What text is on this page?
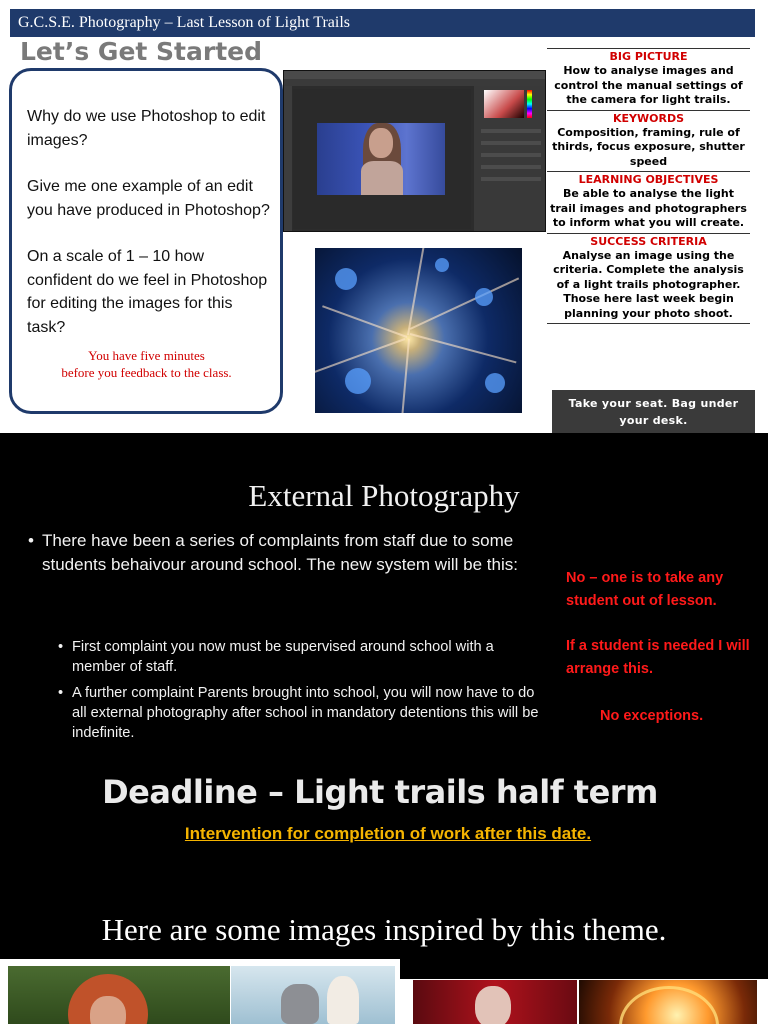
G.C.S.E. Photography – Last Lesson of Light Trails
Let’s Get Started

Why do we use Photoshop to edit images?

Give me one example of an edit you have produced in Photoshop?

On a scale of 1 – 10 how confident do we feel in Photoshop for editing the images for this task?

You have five minutes
before you feedback to the class.
BIG PICTURE
How to analyse images and control the manual settings of the camera for light trails.
KEYWORDS
Composition, framing, rule of thirds, focus exposure, shutter speed
LEARNING OBJECTIVES
Be able to analyse the light trail images and photographers to inform what you will create.
SUCCESS CRITERIA
Analyse an image using the criteria. Complete the analysis of a light trails photographer. Those here last week begin planning your photo shoot.
Take your seat. Bag under your desk.
External Photography
• There have been a series of complaints from staff due to some students behaivour around school. The new system will be this:
• First complaint you now must be supervised around school with a member of staff.
• A further complaint Parents brought into school, you will now have to do all external photography after school in mandatory detentions this will be indefinite.
No – one is to take any student out of lesson.
If a student is needed I will arrange this.
No exceptions.
Deadline – Light trails half term
Intervention for completion of work after this date.
Here are some images inspired by this theme.
